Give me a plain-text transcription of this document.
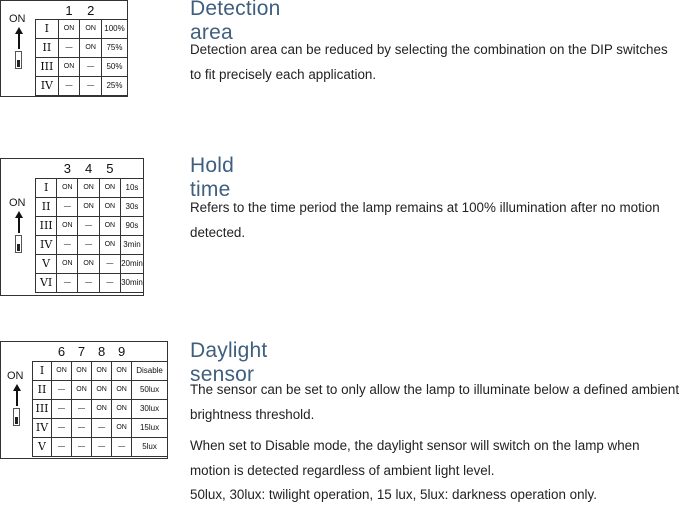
ON
	1	2	
I	ON	ON	100%
II	—	ON	75%
III	ON	—	50%
IV	—	—	25%
Detection area

Detection area can be reduced by selecting the combination on the DIP switches to fit precisely each application.

ON
	3	4	5	
I	ON	ON	ON	10s
II	—	ON	ON	30s
III	ON	—	ON	90s
IV	—	—	ON	3min
V	ON	ON	—	20min
VI	—	—	—	30min
Hold time

Refers to the time period the lamp remains at 100% illumination after no motion detected.

ON
	6	7	8	9	
I	ON	ON	ON	ON	Disable
II	—	ON	ON	ON	50lux
III	—	—	ON	ON	30lux
IV	—	—	—	ON	15lux
V	—	—	—	—	5lux
Daylight sensor

The sensor can be set to only allow the lamp to illuminate below a defined ambient brightness threshold.

When set to Disable mode, the daylight sensor will switch on the lamp when motion is detected regardless of ambient light level.

50lux, 30lux: twilight operation, 15 lux, 5lux: darkness operation only.
